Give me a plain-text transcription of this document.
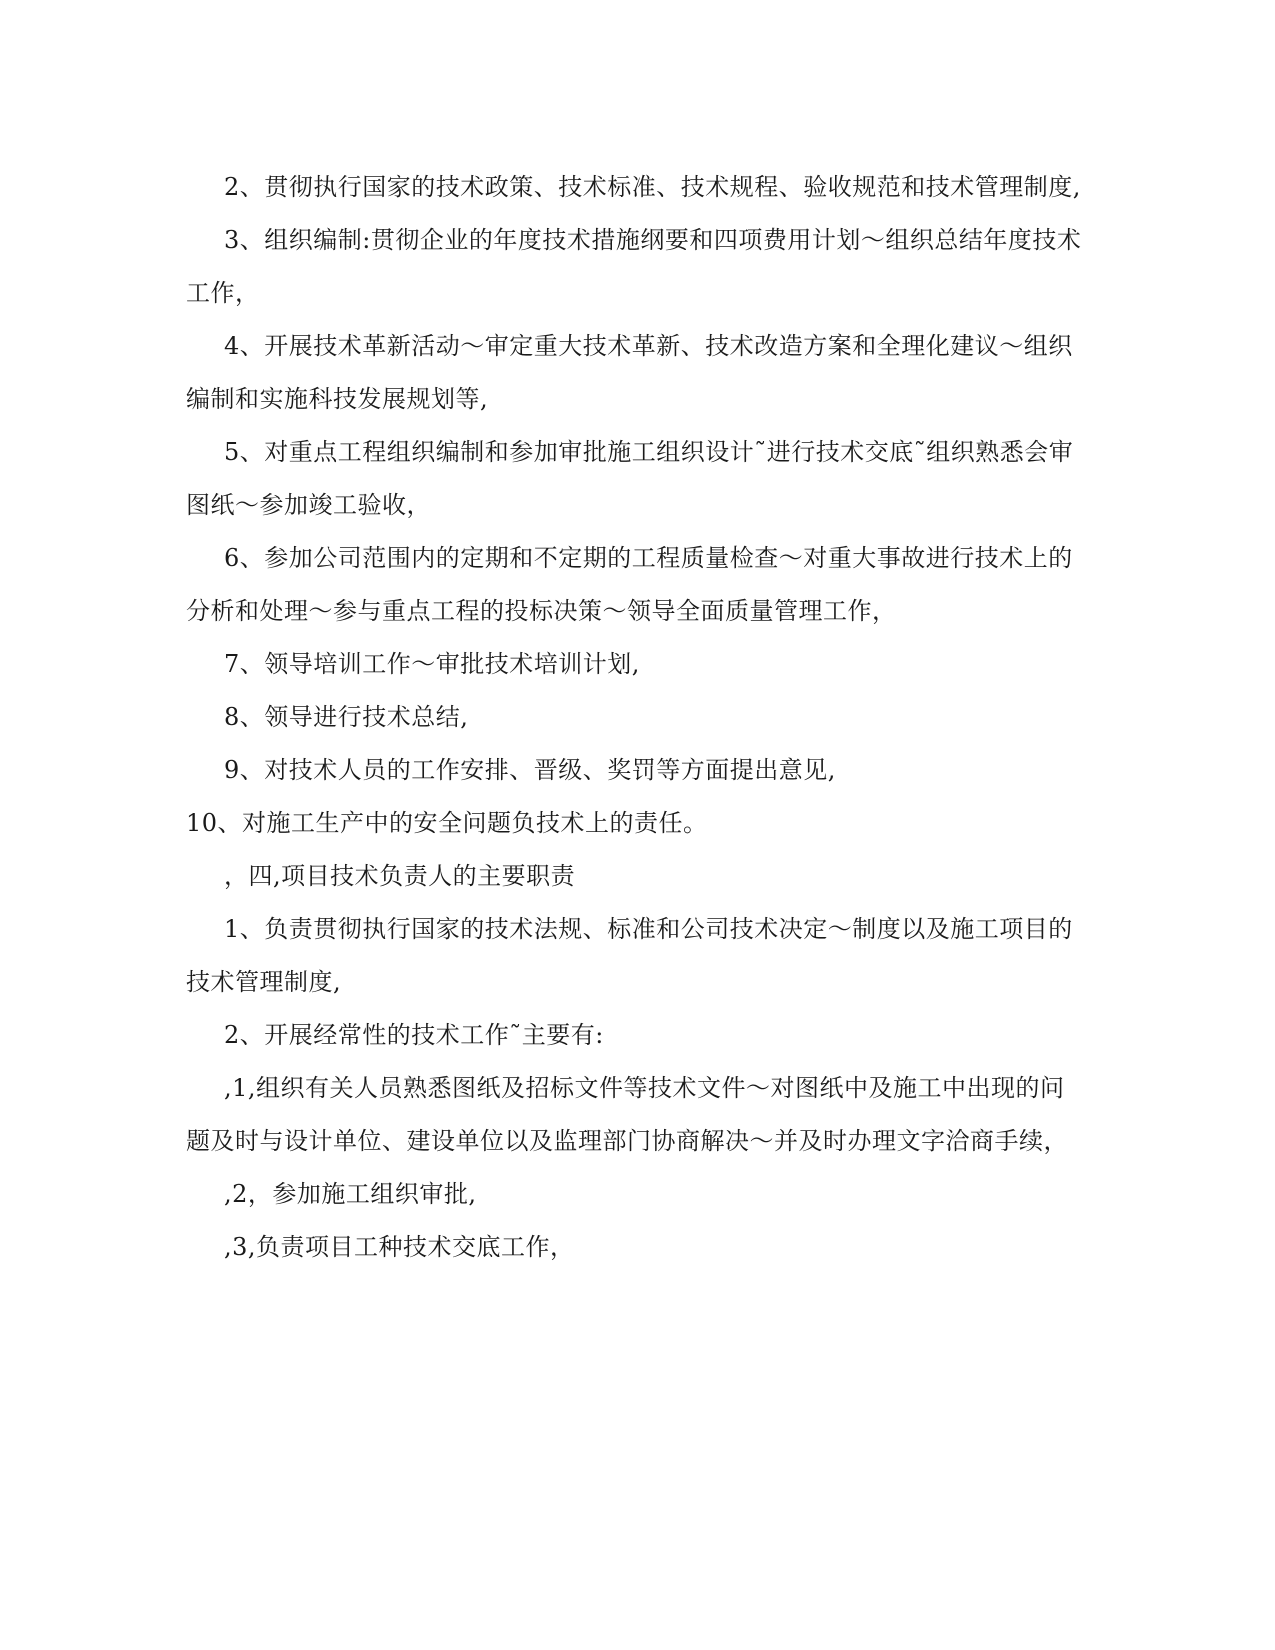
2、贯彻执行国家的技术政策、技术标准、技术规程、验收规范和技术管理制度,

3、组织编制:贯彻企业的年度技术措施纲要和四项费用计划～组织总结年度技术工作，

4、开展技术革新活动～审定重大技术革新、技术改造方案和全理化建议～组织编制和实施科技发展规划等,

5、对重点工程组织编制和参加审批施工组织设计˜进行技术交底˜组织熟悉会审图纸～参加竣工验收，

6、参加公司范围内的定期和不定期的工程质量检查～对重大事故进行技术上的分析和处理～参与重点工程的投标决策～领导全面质量管理工作，

7、领导培训工作～审批技术培训计划,

8、领导进行技术总结,

9、对技术人员的工作安排、晋级、奖罚等方面提出意见,

10、对施工生产中的安全问题负技术上的责任。

，四,项目技术负责人的主要职责

1、负责贯彻执行国家的技术法规、标准和公司技术决定～制度以及施工项目的技术管理制度,

2、开展经常性的技术工作˜主要有:

,1,组织有关人员熟悉图纸及招标文件等技术文件～对图纸中及施工中出现的问题及时与设计单位、建设单位以及监理部门协商解决～并及时办理文字洽商手续，

,2，参加施工组织审批,

,3,负责项目工种技术交底工作，
